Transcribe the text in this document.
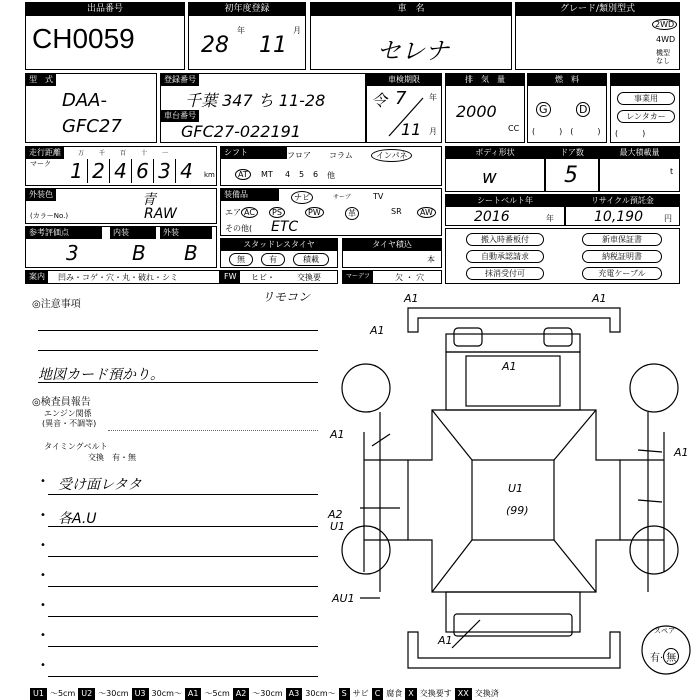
出品番号
CH0059
初年度登録
28
年
11
月
車　名
セレナ
グレード/類別型式
2WD
4WD
機型なし
型　式
DAA-
GFC27
登録番号
千葉 347 ち 11-28
車台番号
GFC27-022191
車検期限
令 7	年
11 月
排　気　量
2000
CC
燃　料
G	D
(　　　)　(　　　)
事業用
レンタカー
(　　　)
走行距離
マーク 1 2 4 6 3 4
万	千	百	十	一
km
シフト	フロア コラム	インパネ
AT	MT 4 5 6 他
ボディ形状
w
ドア数
5
最大積載量
t
外装色	青
(カラーNo.)	RAW
装備品	ナビ	サーブ	TV
エア AC	PS	PW	革	SR	AW
その他( ETC
シートベルト年
2016	年
リサイクル預託金
10,190	円
参考評価点
3
内装
B
外装
B	スタッドレスタイヤ
無	有	積載
タイヤ積込
本
搬入時番板付
自動承認請求
抹消受付可
新車保証書
納税証明書
充電ケーブル
案内	凹み・コゲ・穴・丸・破れ・シミ	FW	ヒビ・	交換要	マーデフ	欠 ・ 穴
リモコン
◎注意事項
地図カード預かり。
◎検査員報告
エンジン関係
(異音・不調等)
タイミングベルト
交換　有・無
• 受け面レタタ
• 各A.U
•
•
•
•
•
A1	A1
A1
A1
A1
A1
U1
(99)
A2
U1
AU1
A1
スペア
有· 無
U1 ～5cm U2 ～30cm U3 30cm～ A1 ～5cm A2 ～30cm A3 30cm～ S サビ C 腐食 X 交換要す XX 交換済
